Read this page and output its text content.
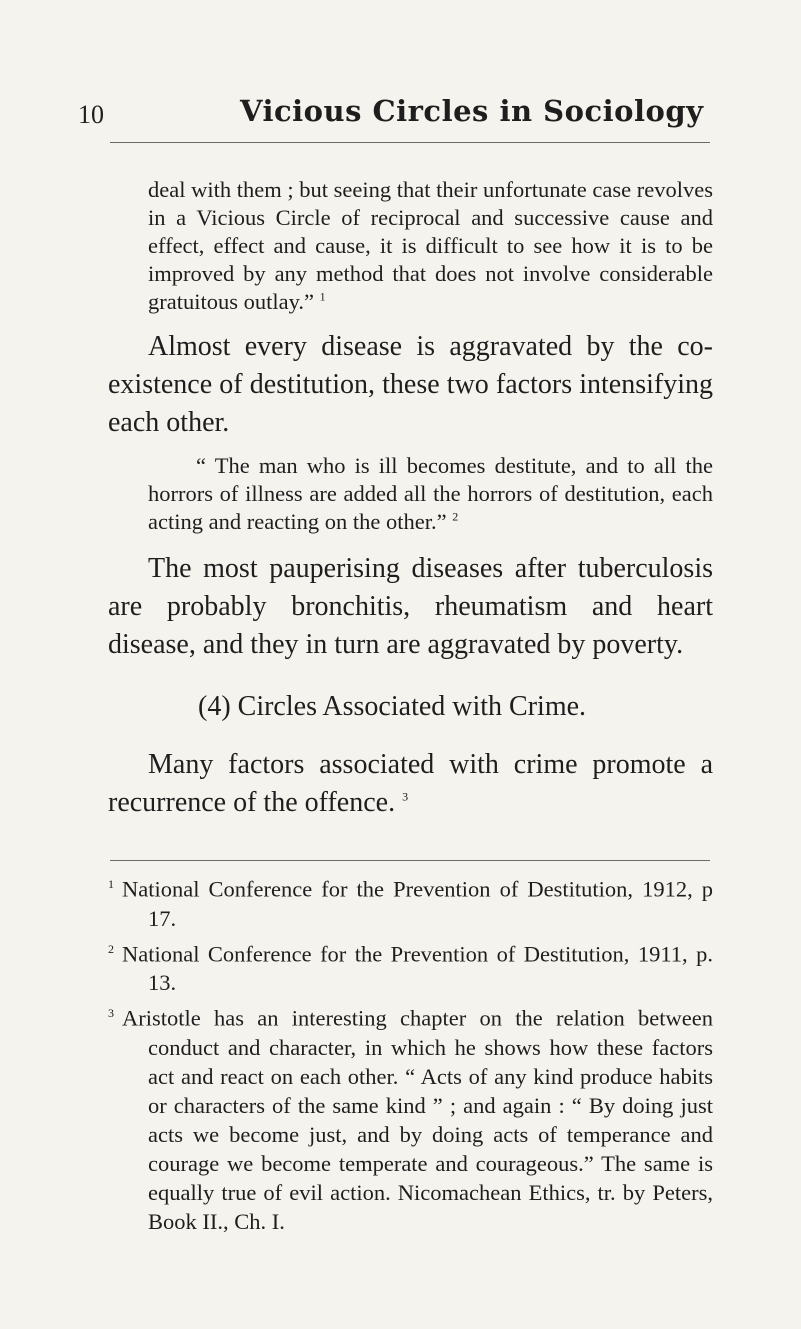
10	Vicious Circles in Sociology

deal with them ; but seeing that their unfortunate case revolves in a Vicious Circle of reciprocal and successive cause and effect, effect and cause, it is difficult to see how it is to be improved by any method that does not involve considerable gratuitous outlay.” $^1$

Almost every disease is aggravated by the co-existence of destitution, these two factors intensifying each other.

“ The man who is ill becomes destitute, and to all the horrors of illness are added all the horrors of destitution, each acting and reacting on the other.” $^2$

The most pauperising diseases after tuberculosis are probably bronchitis, rheumatism and heart disease, and they in turn are aggravated by poverty.

(4) Circles Associated with Crime.

Many factors associated with crime promote a recurrence of the offence. $^3$

1 National Conference for the Prevention of Destitution, 1912, p 17.

2 National Conference for the Prevention of Destitution, 1911, p. 13.

3 Aristotle has an interesting chapter on the relation between conduct and character, in which he shows how these factors act and react on each other. “ Acts of any kind produce habits or characters of the same kind ” ; and again : “ By doing just acts we become just, and by doing acts of temperance and courage we become temperate and courageous.” The same is equally true of evil action. Nicomachean Ethics, tr. by Peters, Book II., Ch. I.
